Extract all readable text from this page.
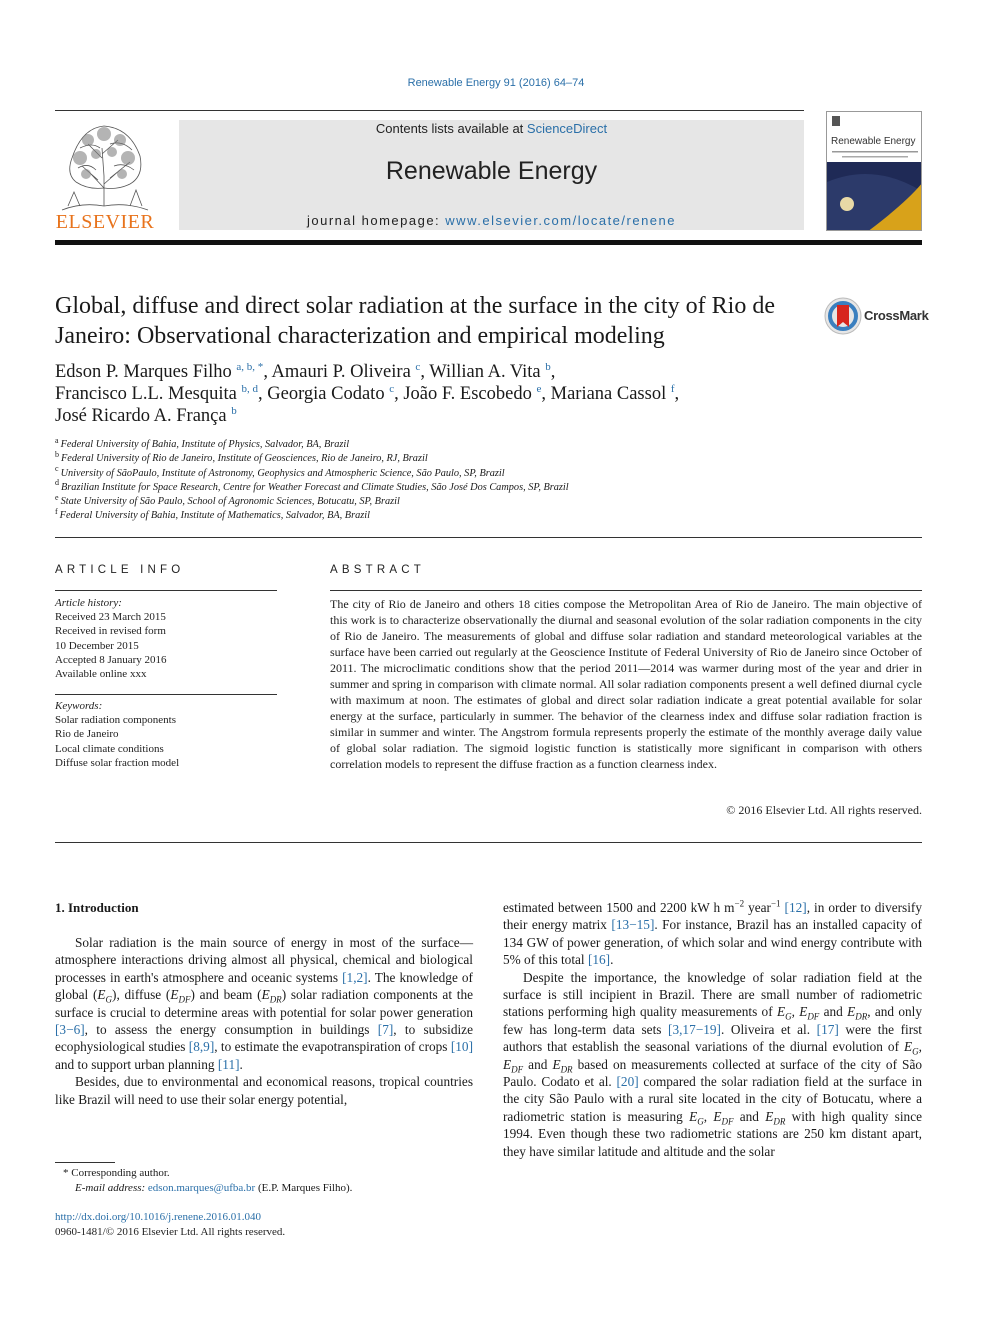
Renewable Energy 91 (2016) 64–74
ELSEVIER
Contents lists available at ScienceDirect
Renewable Energy
journal homepage: www.elsevier.com/locate/renene
Renewable Energy
Global, diffuse and direct solar radiation at the surface in the city of Rio de Janeiro: Observational characterization and empirical modeling
CrossMark
Edson P. Marques Filho $^{a, b, *}$, Amauri P. Oliveira $^c$, Willian A. Vita $^b$,
Francisco L.L. Mesquita $^{b, d}$, Georgia Codato $^c$, João F. Escobedo $^e$, Mariana Cassol $^f$,
José Ricardo A. França $^b$
$^a$ Federal University of Bahia, Institute of Physics, Salvador, BA, Brazil
$^b$ Federal University of Rio de Janeiro, Institute of Geosciences, Rio de Janeiro, RJ, Brazil
$^c$ University of SãoPaulo, Institute of Astronomy, Geophysics and Atmospheric Science, São Paulo, SP, Brazil
$^d$ Brazilian Institute for Space Research, Centre for Weather Forecast and Climate Studies, São José Dos Campos, SP, Brazil
$^e$ State University of São Paulo, School of Agronomic Sciences, Botucatu, SP, Brazil
$^f$ Federal University of Bahia, Institute of Mathematics, Salvador, BA, Brazil
ARTICLE INFO	ABSTRACT
Article history:
Received 23 March 2015
Received in revised form
10 December 2015
Accepted 8 January 2016
Available online xxx
Keywords:
Solar radiation components
Rio de Janeiro
Local climate conditions
Diffuse solar fraction model
The city of Rio de Janeiro and others 18 cities compose the Metropolitan Area of Rio de Janeiro. The main objective of this work is to characterize observationally the diurnal and seasonal evolution of the solar radiation components in the city of Rio de Janeiro. The measurements of global and diffuse solar radiation and standard meteorological variables at the surface have been carried out regularly at the Geoscience Institute of Federal University of Rio de Janeiro since October of 2011. The microclimatic conditions show that the period 2011—2014 was warmer during most of the year and drier in summer and spring in comparison with climate normal. All solar radiation components present a well defined diurnal cycle with maximum at noon. The estimates of global and direct solar radiation indicate a great potential available for solar energy at the surface, particularly in summer. The behavior of the clearness index and diffuse solar radiation fraction is similar in summer and winter. The Angstrom formula represents properly the estimate of the monthly average daily value of global solar radiation. The sigmoid logistic function is statistically more significant in comparison with others correlation models to represent the diffuse fraction as a function clearness index.
© 2016 Elsevier Ltd. All rights reserved.
1. Introduction

Solar radiation is the main source of energy in most of the surface—atmosphere interactions driving almost all physical, chemical and biological processes in earth's atmosphere and oceanic systems [1,2]. The knowledge of global $(E_G)$, diffuse $(E_{DF})$ and beam $(E_{DR})$ solar radiation components at the surface is crucial to determine areas with potential for solar power generation [3−6], to assess the energy consumption in buildings [7], to subsidize ecophysiological studies [8,9], to estimate the evapotranspiration of crops [10] and to support urban planning [11].

Besides, due to environmental and economical reasons, tropical countries like Brazil will need to use their solar energy potential,

estimated between 1500 and 2200 kW h $m^{-2}$ year$^{-1}$ [12], in order to diversify their energy matrix [13−15]. For instance, Brazil has an installed capacity of 134 GW of power generation, of which solar and wind energy contribute with 5% of this total [16].

Despite the importance, the knowledge of solar radiation field at the surface is still incipient in Brazil. There are small number of radiometric stations performing high quality measurements of $E_G$, $E_{DF}$ and $E_{DR}$, and only few has long-term data sets [3,17−19]. Oliveira et al. [17] were the first authors that establish the seasonal variations of the diurnal evolution of $E_G$, $E_{DF}$ and $E_{DR}$ based on measurements collected at surface of the city of São Paulo. Codato et al. [20] compared the solar radiation field at the surface in the city São Paulo with a rural site located in the city of Botucatu, where a radiometric station is measuring $E_G$, $E_{DF}$ and $E_{DR}$ with high quality since 1994. Even though these two radiometric stations are 250 km distant apart, they have similar latitude and altitude and the solar

* Corresponding author.
E-mail address: edson.marques@ufba.br (E.P. Marques Filho).
http://dx.doi.org/10.1016/j.renene.2016.01.040
0960-1481/© 2016 Elsevier Ltd. All rights reserved.
